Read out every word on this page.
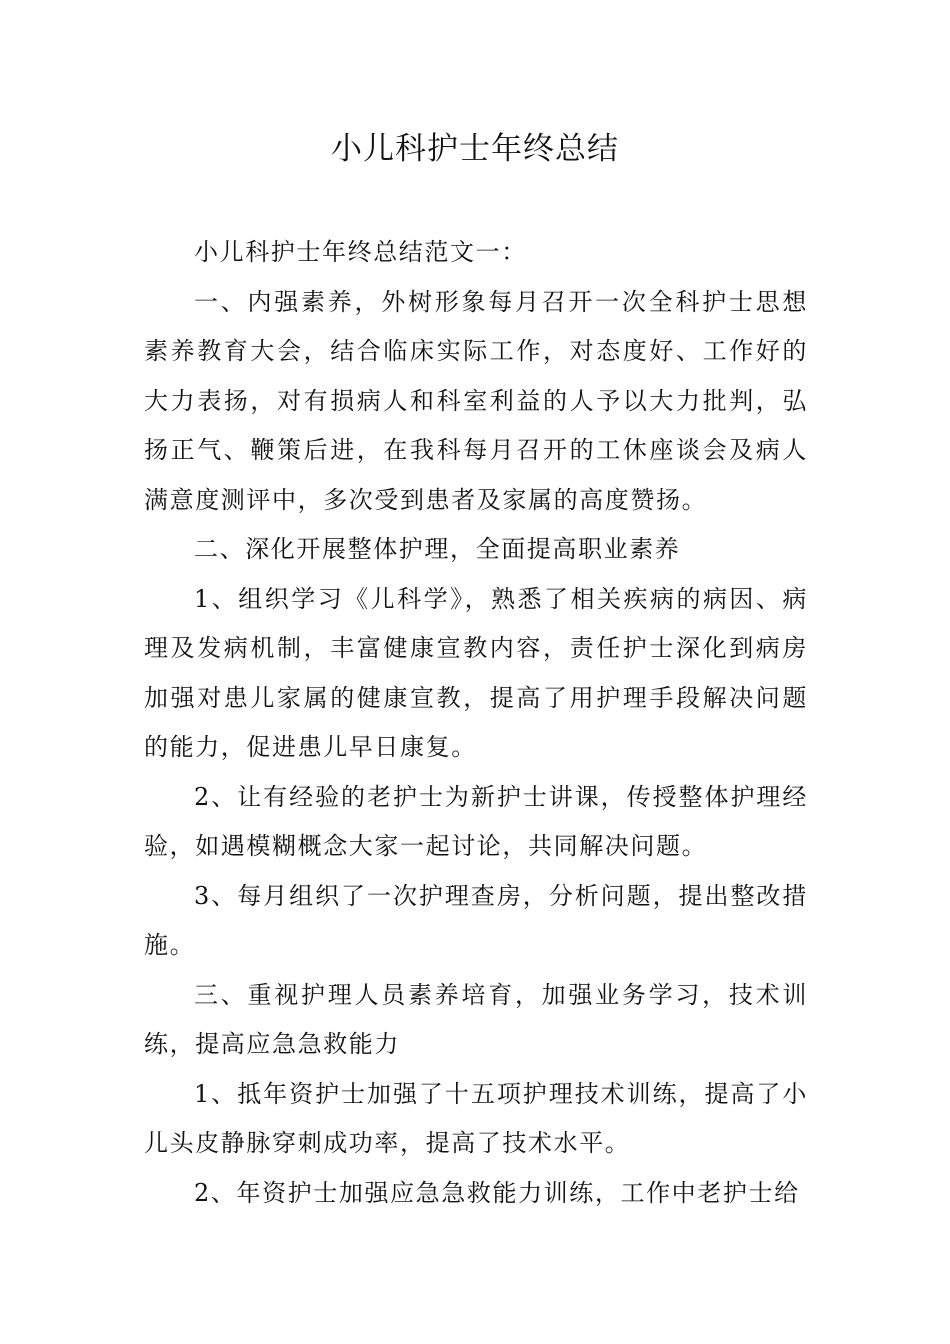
小儿科护士年终总结

小儿科护士年终总结范文一：

一、内强素养，外树形象每月召开一次全科护士思想素养教育大会，结合临床实际工作，对态度好、工作好的大力表扬，对有损病人和科室利益的人予以大力批判，弘扬正气、鞭策后进，在我科每月召开的工休座谈会及病人满意度测评中，多次受到患者及家属的高度赞扬。

二、深化开展整体护理，全面提高职业素养

1、组织学习《儿科学》，熟悉了相关疾病的病因、病理及发病机制，丰富健康宣教内容，责任护士深化到病房加强对患儿家属的健康宣教，提高了用护理手段解决问题的能力，促进患儿早日康复。

2、让有经验的老护士为新护士讲课，传授整体护理经验，如遇模糊概念大家一起讨论，共同解决问题。

3、每月组织了一次护理查房，分析问题，提出整改措施。

三、重视护理人员素养培育，加强业务学习，技术训练，提高应急急救能力

1、抵年资护士加强了十五项护理技术训练，提高了小儿头皮静脉穿刺成功率，提高了技术水平。

2、年资护士加强应急急救能力训练，工作中老护士给
